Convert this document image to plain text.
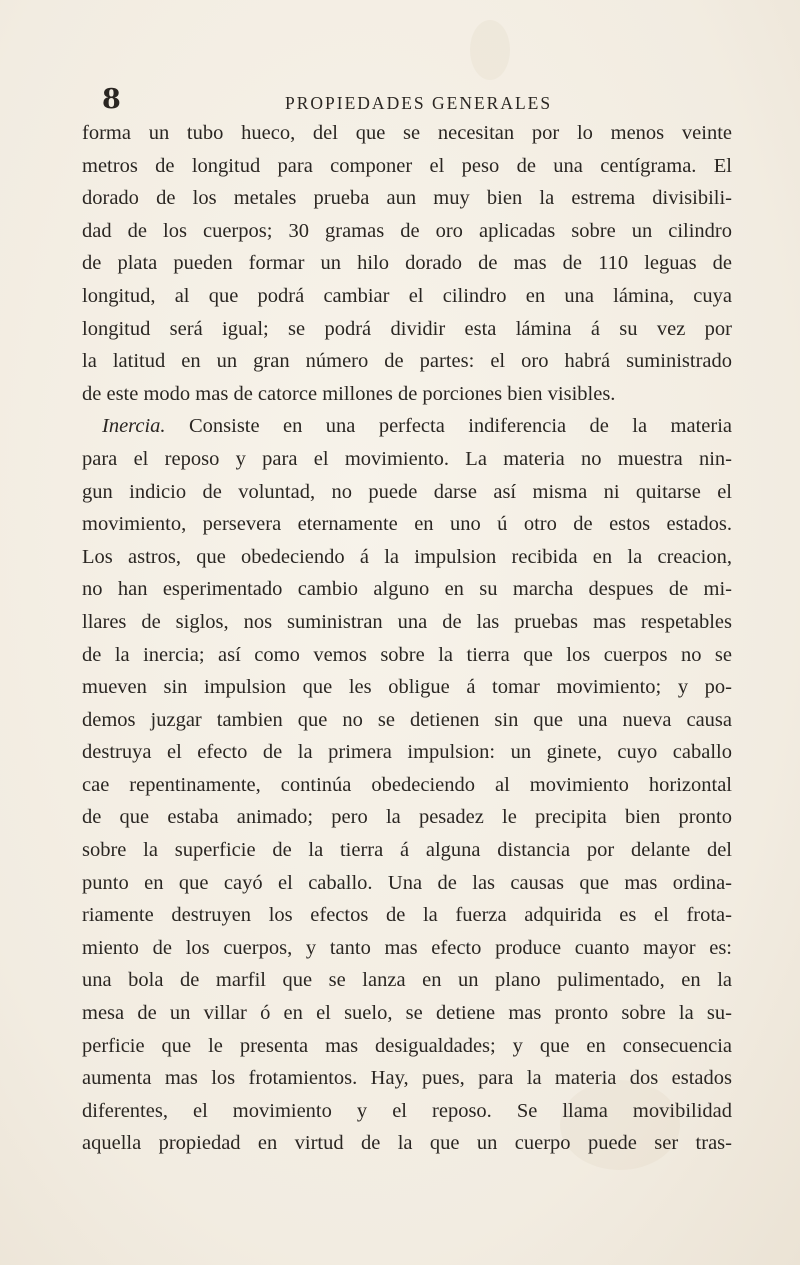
8	PROPIEDADES GENERALES
forma un tubo hueco, del que se necesitan por lo menos veinte
metros de longitud para componer el peso de una centígrama. El
dorado de los metales prueba aun muy bien la estrema divisibili-
dad de los cuerpos; 30 gramas de oro aplicadas sobre un cilindro
de plata pueden formar un hilo dorado de mas de 110 leguas de
longitud, al que podrá cambiar el cilindro en una lámina, cuya
longitud será igual; se podrá dividir esta lámina á su vez por
la latitud en un gran número de partes: el oro habrá suministrado
de este modo mas de catorce millones de porciones bien visibles.
Inercia. Consiste en una perfecta indiferencia de la materia
para el reposo y para el movimiento. La materia no muestra nin-
gun indicio de voluntad, no puede darse así misma ni quitarse el
movimiento, persevera eternamente en uno ú otro de estos estados.
Los astros, que obedeciendo á la impulsion recibida en la creacion,
no han esperimentado cambio alguno en su marcha despues de mi-
llares de siglos, nos suministran una de las pruebas mas respetables
de la inercia; así como vemos sobre la tierra que los cuerpos no se
mueven sin impulsion que les obligue á tomar movimiento; y po-
demos juzgar tambien que no se detienen sin que una nueva causa
destruya el efecto de la primera impulsion: un ginete, cuyo caballo
cae repentinamente, continúa obedeciendo al movimiento horizontal
de que estaba animado; pero la pesadez le precipita bien pronto
sobre la superficie de la tierra á alguna distancia por delante del
punto en que cayó el caballo. Una de las causas que mas ordina-
riamente destruyen los efectos de la fuerza adquirida es el frota-
miento de los cuerpos, y tanto mas efecto produce cuanto mayor es:
una bola de marfil que se lanza en un plano pulimentado, en la
mesa de un villar ó en el suelo, se detiene mas pronto sobre la su-
perficie que le presenta mas desigualdades; y que en consecuencia
aumenta mas los frotamientos. Hay, pues, para la materia dos estados
diferentes, el movimiento y el reposo. Se llama movibilidad
aquella propiedad en virtud de la que un cuerpo puede ser tras-
